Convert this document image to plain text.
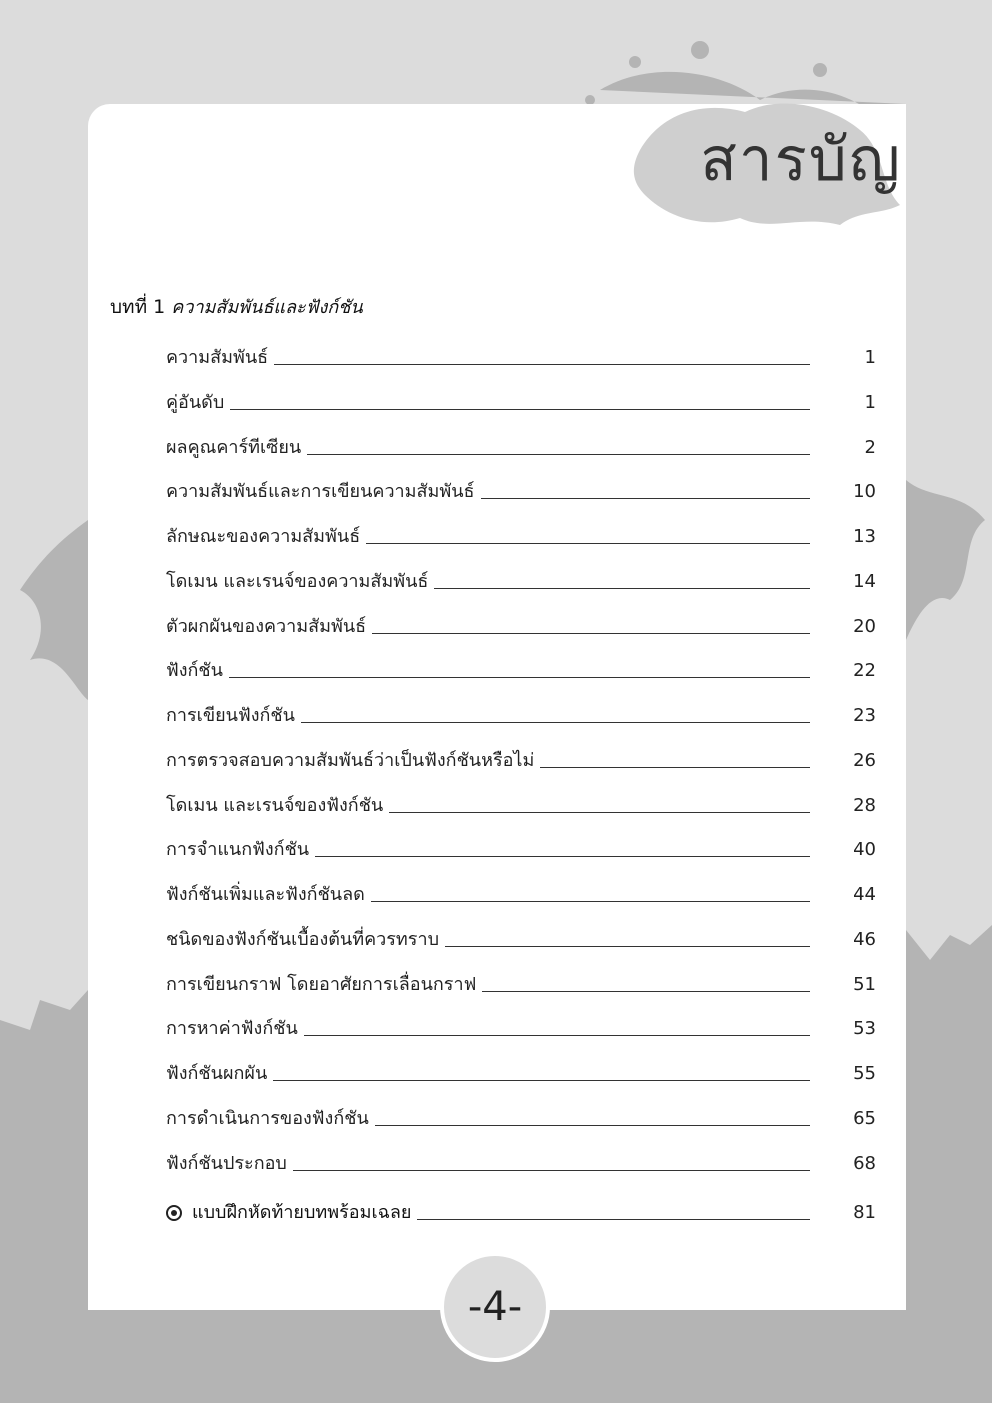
สารบัญ
บทที่ 1 ความสัมพันธ์และฟังก์ชัน
ความสัมพันธ์	1
คู่อันดับ	1
ผลคูณคาร์ทีเซียน	2
ความสัมพันธ์และการเขียนความสัมพันธ์	10
ลักษณะของความสัมพันธ์	13
โดเมน และเรนจ์ของความสัมพันธ์	14
ตัวผกผันของความสัมพันธ์	20
ฟังก์ชัน	22
การเขียนฟังก์ชัน	23
การตรวจสอบความสัมพันธ์ว่าเป็นฟังก์ชันหรือไม่	26
โดเมน และเรนจ์ของฟังก์ชัน	28
การจำแนกฟังก์ชัน	40
ฟังก์ชันเพิ่มและฟังก์ชันลด	44
ชนิดของฟังก์ชันเบื้องต้นที่ควรทราบ	46
การเขียนกราฟ โดยอาศัยการเลื่อนกราฟ	51
การหาค่าฟังก์ชัน	53
ฟังก์ชันผกผัน	55
การดำเนินการของฟังก์ชัน	65
ฟังก์ชันประกอบ	68
แบบฝึกหัดท้ายบทพร้อมเฉลย	81
-4-
